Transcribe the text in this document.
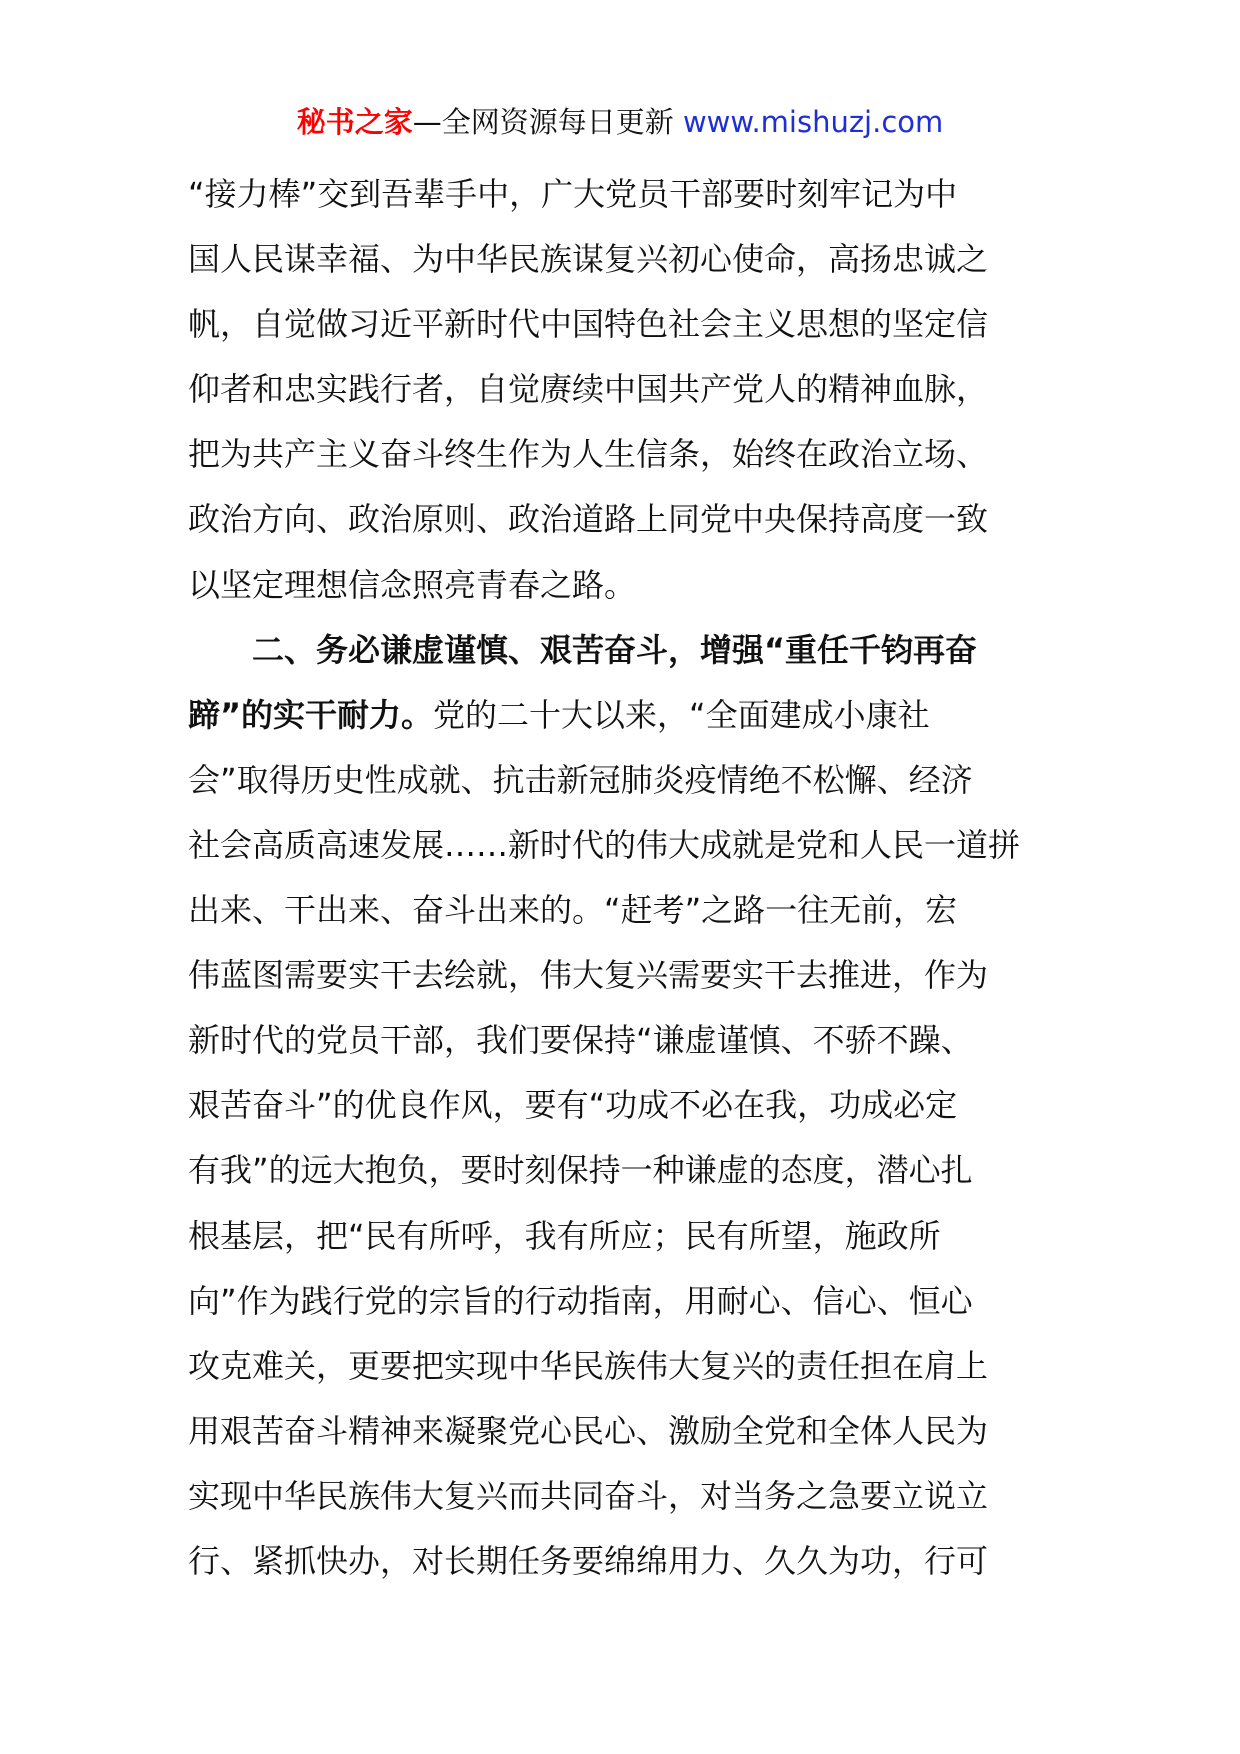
秘书之家—全网资源每日更新 www.mishuzj.com
“接力棒”交到吾辈手中，广大党员干部要时刻牢记为中
国人民谋幸福、为中华民族谋复兴初心使命，高扬忠诚之
帆，自觉做习近平新时代中国特色社会主义思想的坚定信
仰者和忠实践行者，自觉赓续中国共产党人的精神血脉，
把为共产主义奋斗终生作为人生信条，始终在政治立场、
政治方向、政治原则、政治道路上同党中央保持高度一致
以坚定理想信念照亮青春之路。
二、务必谦虚谨慎、艰苦奋斗，增强“重任千钧再奋
蹄”的实干耐力。党的二十大以来，“全面建成小康社
会”取得历史性成就、抗击新冠肺炎疫情绝不松懈、经济
社会高质高速发展……新时代的伟大成就是党和人民一道拼
出来、干出来、奋斗出来的。“赶考”之路一往无前，宏
伟蓝图需要实干去绘就，伟大复兴需要实干去推进，作为
新时代的党员干部，我们要保持“谦虚谨慎、不骄不躁、
艰苦奋斗”的优良作风，要有“功成不必在我，功成必定
有我”的远大抱负，要时刻保持一种谦虚的态度，潜心扎
根基层，把“民有所呼，我有所应；民有所望，施政所
向”作为践行党的宗旨的行动指南，用耐心、信心、恒心
攻克难关，更要把实现中华民族伟大复兴的责任担在肩上
用艰苦奋斗精神来凝聚党心民心、激励全党和全体人民为
实现中华民族伟大复兴而共同奋斗，对当务之急要立说立
行、紧抓快办，对长期任务要绵绵用力、久久为功，行可
